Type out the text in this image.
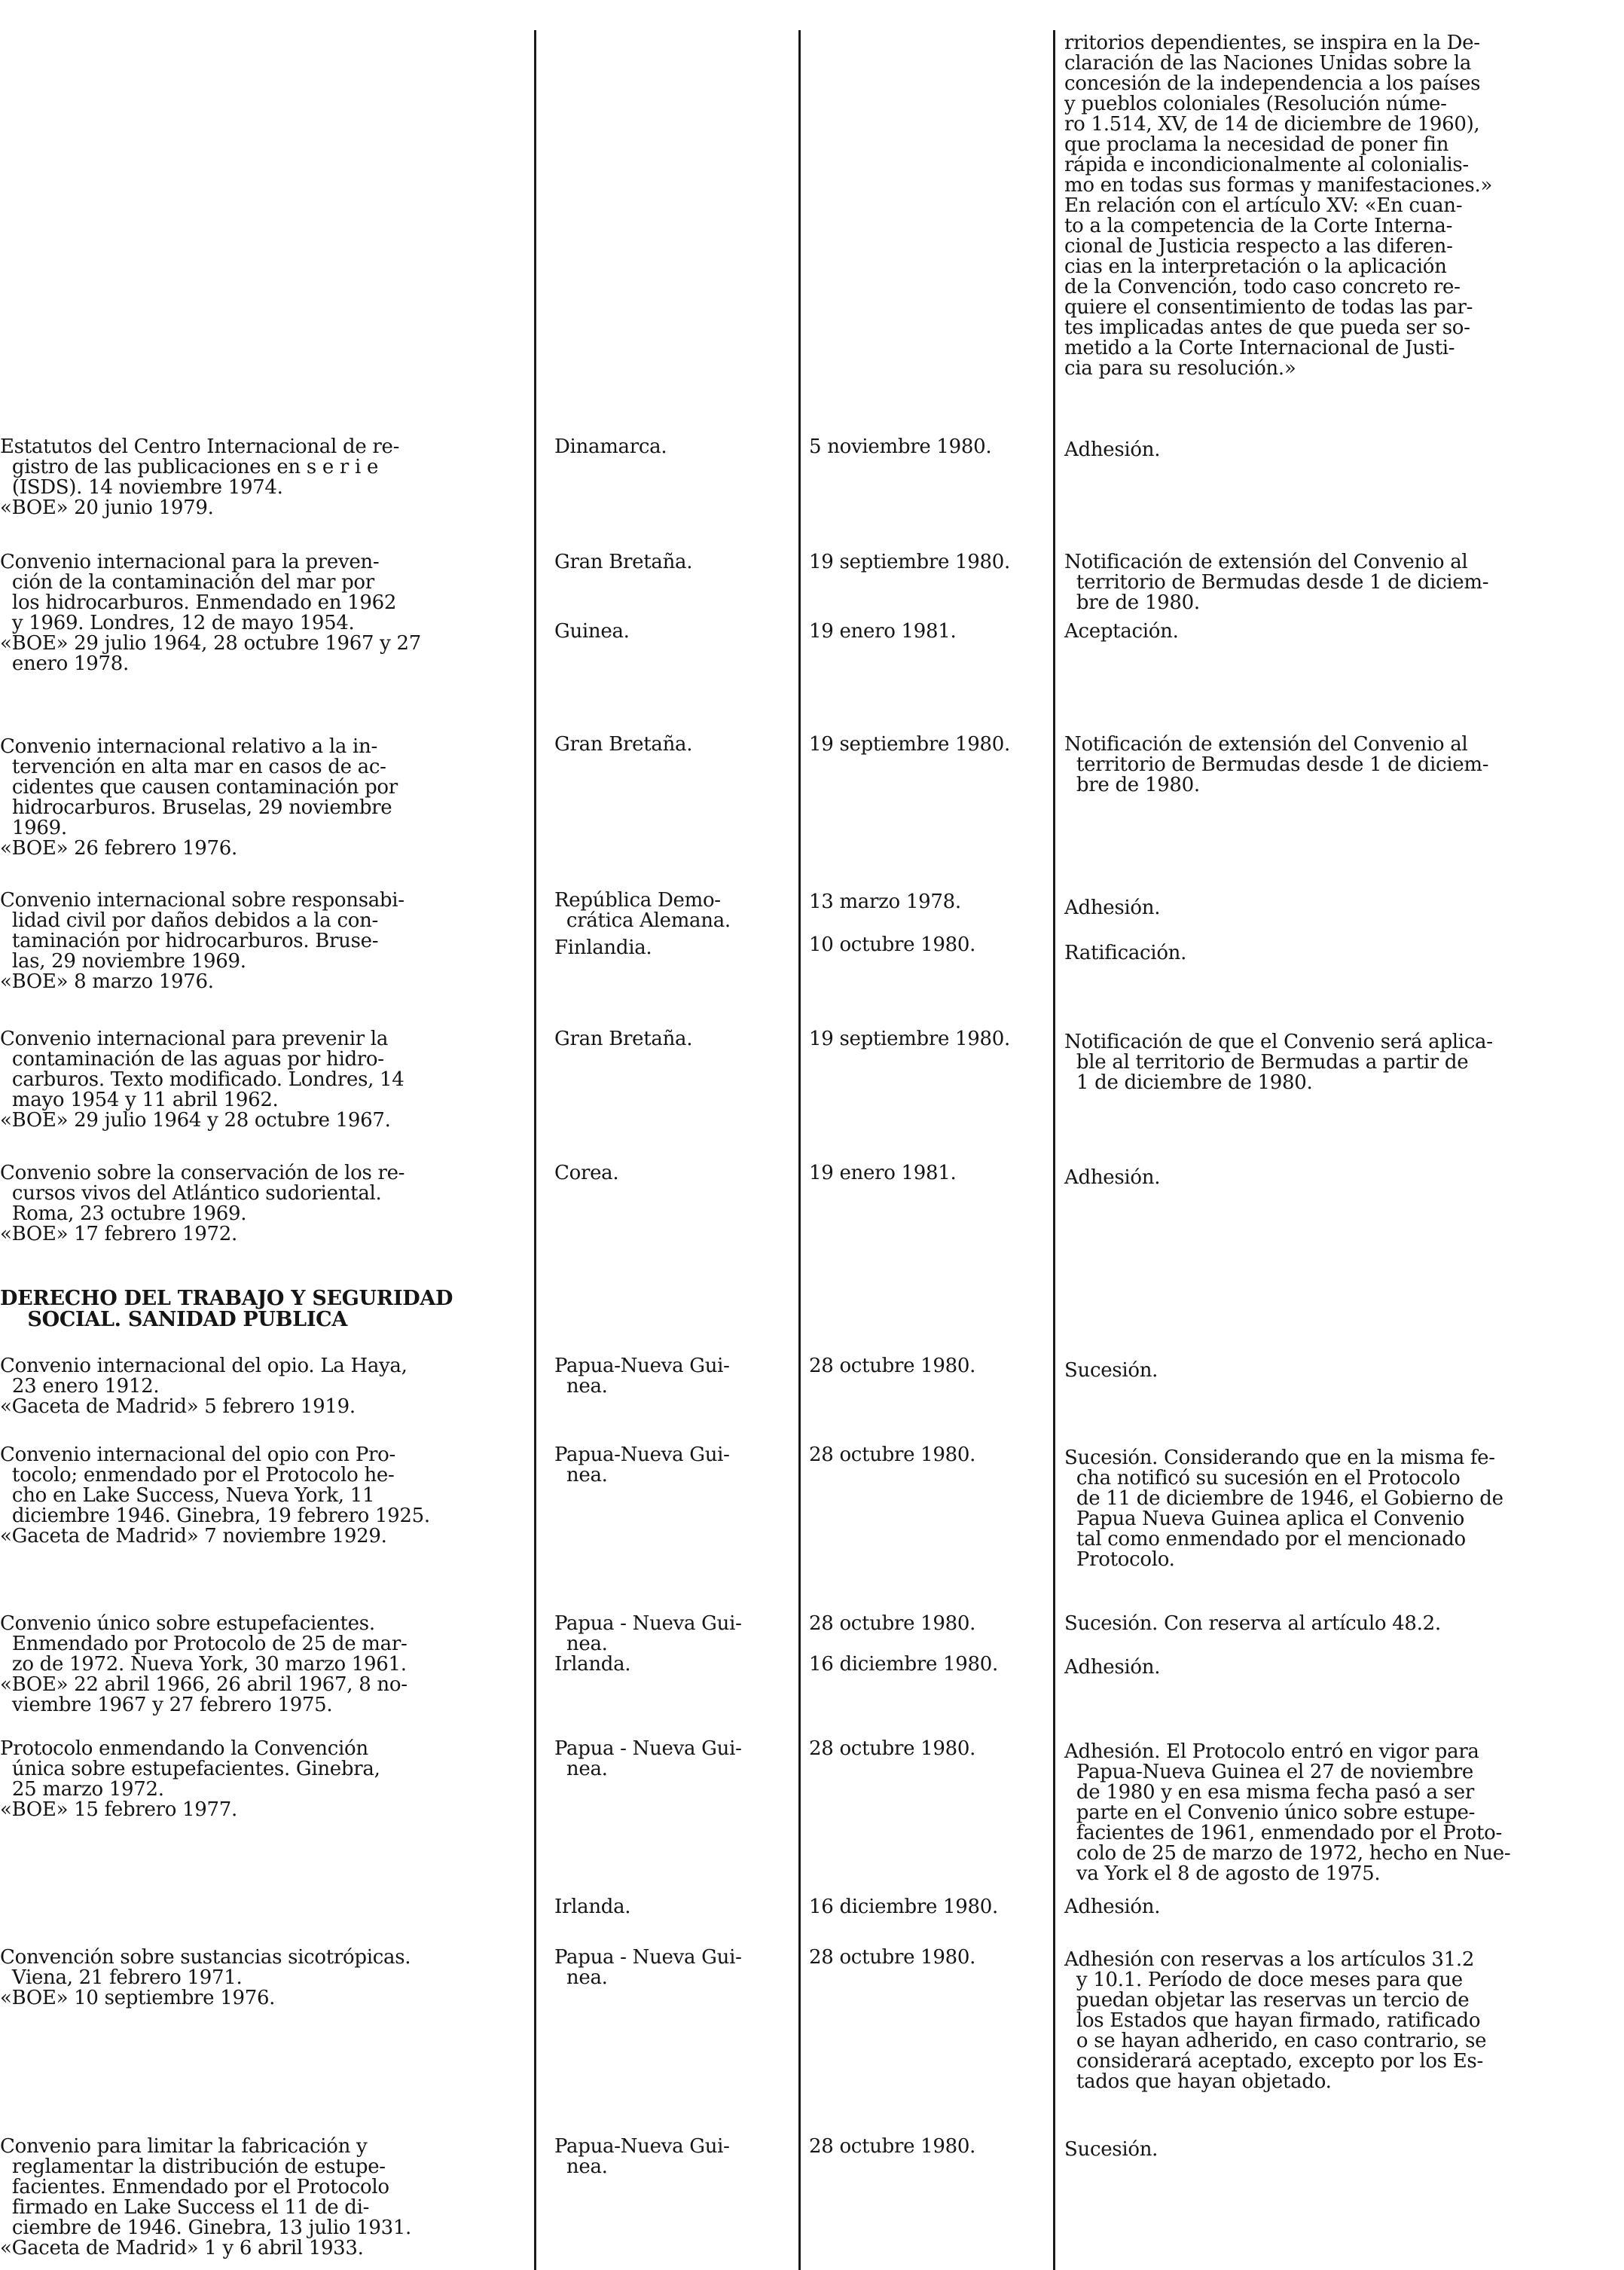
rritorios dependientes, se inspira en la De-
claración de las Naciones Unidas sobre la
concesión de la independencia a los países
y pueblos coloniales (Resolución núme-
ro 1.514, XV, de 14 de diciembre de 1960),
que proclama la necesidad de poner fin
rápida e incondicionalmente al colonialis-
mo en todas sus formas y manifestaciones.»
En relación con el artículo XV: «En cuan-
to a la competencia de la Corte Interna-
cional de Justicia respecto a las diferen-
cias en la interpretación o la aplicación
de la Convención, todo caso concreto re-
quiere el consentimiento de todas las par-
tes implicadas antes de que pueda ser so-
metido a la Corte Internacional de Justi-
cia para su resolución.»

Estatutos del Centro Internacional de re-
gistro de las publicaciones en s e r i e
(ISDS). 14 noviembre 1974.
«BOE» 20 junio 1979.

Dinamarca.	5 noviembre 1980.	Adhesión.

Convenio internacional para la preven-
ción de la contaminación del mar por
los hidrocarburos. Enmendado en 1962
y 1969. Londres, 12 de mayo 1954.
«BOE» 29 julio 1964, 28 octubre 1967 y 27
enero 1978.

Gran Bretaña.	19 septiembre 1980.	Notificación de extensión del Convenio al
territorio de Bermudas desde 1 de diciem-
bre de 1980.

Guinea.	19 enero 1981.	Aceptación.

Convenio internacional relativo a la in-
tervención en alta mar en casos de ac-
cidentes que causen contaminación por
hidrocarburos. Bruselas, 29 noviembre
1969.
«BOE» 26 febrero 1976.

Gran Bretaña.	19 septiembre 1980.	Notificación de extensión del Convenio al
territorio de Bermudas desde 1 de diciem-
bre de 1980.

Convenio internacional sobre responsabi-
lidad civil por daños debidos a la con-
taminación por hidrocarburos. Bruse-
las, 29 noviembre 1969.
«BOE» 8 marzo 1976.

República Demo-
crática Alemana.

13 marzo 1978.	Adhesión.

Finlandia.	10 octubre 1980.	Ratificación.

Convenio internacional para prevenir la
contaminación de las aguas por hidro-
carburos. Texto modificado. Londres, 14
mayo 1954 y 11 abril 1962.
«BOE» 29 julio 1964 y 28 octubre 1967.

Gran Bretaña.	19 septiembre 1980.	Notificación de que el Convenio será aplica-
ble al territorio de Bermudas a partir de
1 de diciembre de 1980.

Convenio sobre la conservación de los re-
cursos vivos del Atlántico sudoriental.
Roma, 23 octubre 1969.
«BOE» 17 febrero 1972.

Corea.	19 enero 1981.	Adhesión.

DERECHO DEL TRABAJO Y SEGURIDAD
SOCIAL. SANIDAD PUBLICA

Convenio internacional del opio. La Haya,
23 enero 1912.
«Gaceta de Madrid» 5 febrero 1919.

Papua-Nueva Gui-
nea.

28 octubre 1980.	Sucesión.

Convenio internacional del opio con Pro-
tocolo; enmendado por el Protocolo he-
cho en Lake Success, Nueva York, 11
diciembre 1946. Ginebra, 19 febrero 1925.
«Gaceta de Madrid» 7 noviembre 1929.

Papua-Nueva Gui-
nea.

28 octubre 1980.	Sucesión. Considerando que en la misma fe-
cha notificó su sucesión en el Protocolo
de 11 de diciembre de 1946, el Gobierno de
Papua Nueva Guinea aplica el Convenio
tal como enmendado por el mencionado
Protocolo.

Convenio único sobre estupefacientes.
Enmendado por Protocolo de 25 de mar-
zo de 1972. Nueva York, 30 marzo 1961.
«BOE» 22 abril 1966, 26 abril 1967, 8 no-
viembre 1967 y 27 febrero 1975.

Papua - Nueva Gui-
nea.

28 octubre 1980.	Sucesión. Con reserva al artículo 48.2.

Irlanda.	16 diciembre 1980.	Adhesión.

Protocolo enmendando la Convención
única sobre estupefacientes. Ginebra,
25 marzo 1972.
«BOE» 15 febrero 1977.

Papua - Nueva Gui-
nea.

28 octubre 1980.	Adhesión. El Protocolo entró en vigor para
Papua-Nueva Guinea el 27 de noviembre
de 1980 y en esa misma fecha pasó a ser
parte en el Convenio único sobre estupe-
facientes de 1961, enmendado por el Proto-
colo de 25 de marzo de 1972, hecho en Nue-
va York el 8 de agosto de 1975.

Irlanda.	16 diciembre 1980.	Adhesión.

Convención sobre sustancias sicotrópicas.
Viena, 21 febrero 1971.
«BOE» 10 septiembre 1976.

Papua - Nueva Gui-
nea.

28 octubre 1980.	Adhesión con reservas a los artículos 31.2
y 10.1. Período de doce meses para que
puedan objetar las reservas un tercio de
los Estados que hayan firmado, ratificado
o se hayan adherido, en caso contrario, se
considerará aceptado, excepto por los Es-
tados que hayan objetado.

Convenio para limitar la fabricación y
reglamentar la distribución de estupe-
facientes. Enmendado por el Protocolo
firmado en Lake Success el 11 de di-
ciembre de 1946. Ginebra, 13 julio 1931.
«Gaceta de Madrid» 1 y 6 abril 1933.

Papua-Nueva Gui-
nea.

28 octubre 1980.	Sucesión.
